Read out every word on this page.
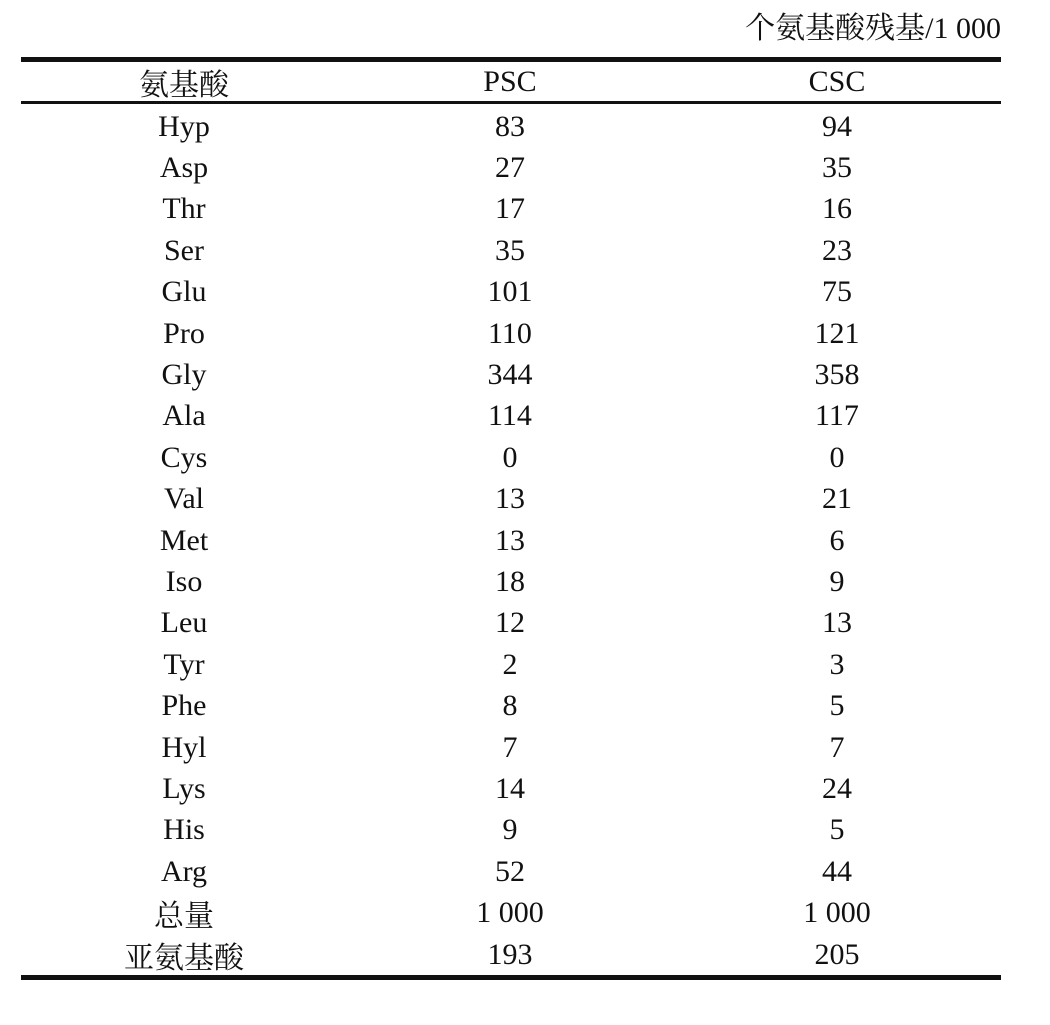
个氨基酸残基/1 000
氨基酸	PSC	CSC
Hyp	83	94
Asp	27	35
Thr	17	16
Ser	35	23
Glu	101	75
Pro	110	121
Gly	344	358
Ala	114	117
Cys	0	0
Val	13	21
Met	13	6
Iso	18	9
Leu	12	13
Tyr	2	3
Phe	8	5
Hyl	7	7
Lys	14	24
His	9	5
Arg	52	44
总量	1 000	1 000
亚氨基酸	193	205
